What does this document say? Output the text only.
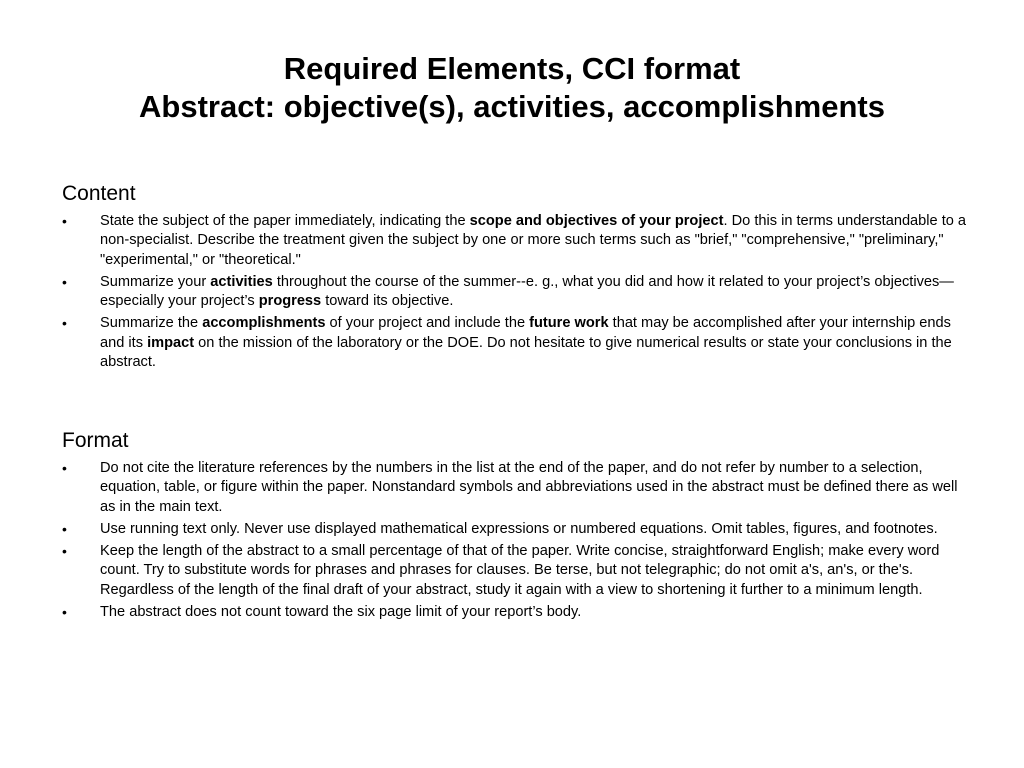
Required Elements, CCI format
Abstract: objective(s), activities, accomplishments
Content
•	State the subject of the paper immediately, indicating the scope and objectives of your project. Do this in terms understandable to a non-specialist. Describe the treatment given the subject by one or more such terms such as "brief," "comprehensive," "preliminary," "experimental," or "theoretical."
•	Summarize your activities throughout the course of the summer--e. g., what you did and how it related to your project’s objectives—especially your project’s progress toward its objective.
•	Summarize the accomplishments of your project and include the future work that may be accomplished after your internship ends and its impact on the mission of the laboratory or the DOE. Do not hesitate to give numerical results or state your conclusions in the abstract.
Format
•	Do not cite the literature references by the numbers in the list at the end of the paper, and do not refer by number to a selection, equation, table, or figure within the paper. Nonstandard symbols and abbreviations used in the abstract must be defined there as well as in the main text.
•	Use running text only. Never use displayed mathematical expressions or numbered equations. Omit tables, figures, and footnotes.
•	Keep the length of the abstract to a small percentage of that of the paper. Write concise, straightforward English; make every word count. Try to substitute words for phrases and phrases for clauses. Be terse, but not telegraphic; do not omit a's, an's, or the's. Regardless of the length of the final draft of your abstract, study it again with a view to shortening it further to a minimum length.
•	The abstract does not count toward the six page limit of your report’s body.
